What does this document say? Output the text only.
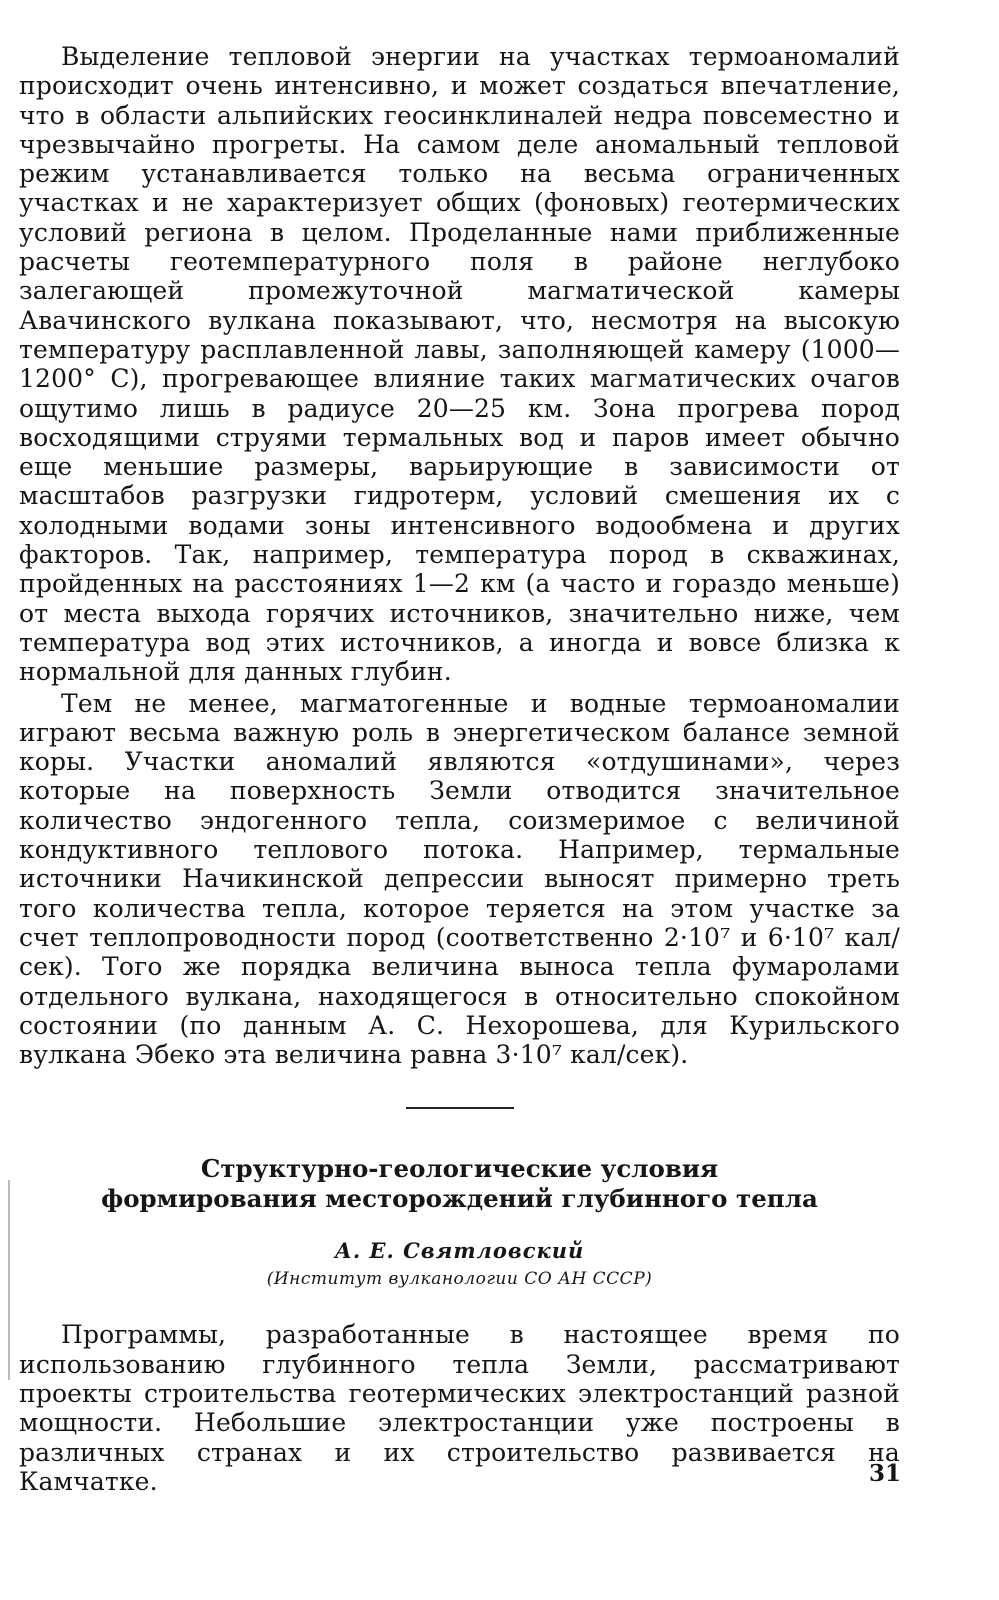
Выделение тепловой энергии на участках термоаномалий происходит очень интенсивно, и может создаться впечатление, что в области альпийских геосинклиналей недра повсеместно и чрезвычайно прогреты. На самом деле аномальный тепловой режим устанавливается только на весьма ограниченных участках и не характеризует общих (фоновых) геотермических условий региона в целом. Проделанные нами приближенные расчеты геотемпературного поля в районе неглубоко залегающей промежуточной магматической камеры Авачинского вулкана показывают, что, несмотря на высокую температуру расплавленной лавы, заполняющей камеру (1000—1200° С), прогревающее влияние таких магматических очагов ощутимо лишь в радиусе 20—25 км. Зона прогрева пород восходящими струями термальных вод и паров имеет обычно еще меньшие размеры, варьирующие в зависимости от масштабов разгрузки гидротерм, условий смешения их с холодными водами зоны интенсивного водообмена и других факторов. Так, например, температура пород в скважинах, пройденных на расстояниях 1—2 км (а часто и гораздо меньше) от места выхода горячих источников, значительно ниже, чем температура вод этих источников, а иногда и вовсе близка к нормальной для данных глубин.

Тем не менее, магматогенные и водные термоаномалии играют весьма важную роль в энергетическом балансе земной коры. Участки аномалий являются «отдушинами», через которые на поверхность Земли отводится значительное количество эндогенного тепла, соизмеримое с величиной кондуктивного теплового потока. Например, термальные источники Начикинской депрессии выносят примерно треть того количества тепла, которое теряется на этом участке за счет теплопроводности пород (соответственно 2·10⁷ и 6·10⁷ кал/сек). Того же порядка величина выноса тепла фумаролами отдельного вулкана, находящегося в относительно спокойном состоянии (по данным А. С. Нехорошева, для Курильского вулкана Эбеко эта величина равна 3·10⁷ кал/сек).

Структурно-геологические условия
формирования месторождений глубинного тепла
А. Е. Святловский
(Институт вулканологии СО АН СССР)

Программы, разработанные в настоящее время по использованию глубинного тепла Земли, рассматривают проекты строительства геотермических электростанций разной мощности. Небольшие электростанции уже построены в различных странах и их строительство развивается на Камчатке.	31
